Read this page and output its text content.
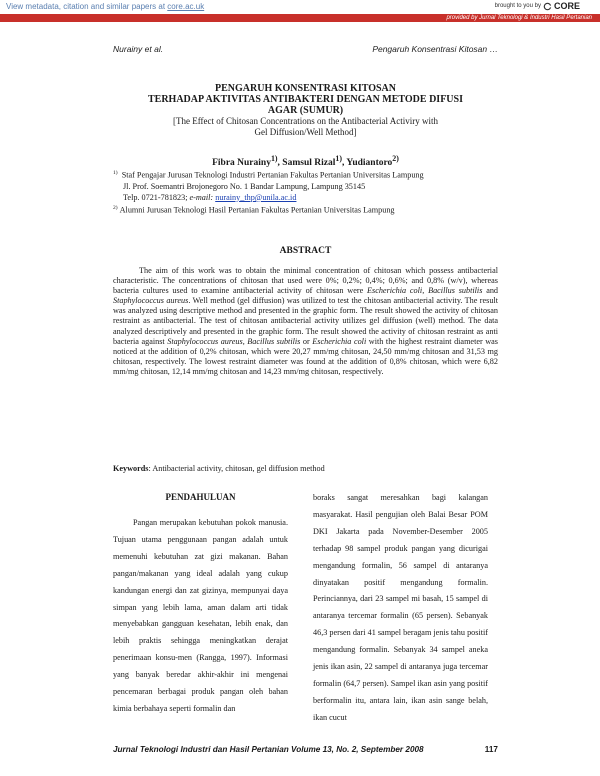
View metadata, citation and similar papers at core.ac.uk	brought to you by CORE
provided by Jurnal Teknologi & Industri Hasil Pertanian
Nurainy et al.	Pengaruh Konsentrasi Kitosan …
PENGARUH KONSENTRASI KITOSAN
TERHADAP AKTIVITAS ANTIBAKTERI DENGAN METODE DIFUSI
AGAR (SUMUR)
[The Effect of Chitosan Concentrations on the Antibacterial Activiry with
Gel Diffusion/Well Method]
Fibra Nurainy$^{1)}$, Samsul Rizal$^{1)}$, Yudiantoro$^{2)}$
$^{1)}$ Staf Pengajar Jurusan Teknologi Industri Pertanian Fakultas Pertanian Universitas Lampung
Jl. Prof. Soemantri Brojonegoro No. 1 Bandar Lampung, Lampung 35145
Telp. 0721-781823; e-mail: nurainy_thp@unila.ac.id
$^{2)}$ Alumni Jurusan Teknologi Hasil Pertanian Fakultas Pertanian Universitas Lampung
ABSTRACT
The aim of this work was to obtain the minimal concentration of chitosan which possess antibacterial characteristic. The concentrations of chitosan that used were 0%; 0,2%; 0,4%; 0,6%; and 0,8% (w/v), whereas bacteria cultures used to examine antibacterial activity of chitosan were Escherichia coli, Bacillus subtilis and Staphylococcus aureus. Well method (gel diffusion) was utilized to test the chitosan antibacterial activity. The result was analyzed using descriptive method and presented in the graphic form. The result showed the activity of chitosan restraint as antibacterial. The test of chitosan antibacterial activity utilizes gel diffusion (well) method. The data analyzed descriptively and presented in the graphic form. The result showed the activity of chitosan restraint as anti bacteria against Staphylococcus aureus, Bacillus subtilis or Escherichia coli with the highest restraint diameter was noticed at the addition of 0,2% chitosan, which were 20,27 mm/mg chitosan, 24,50 mm/mg chitosan and 31,53 mg chitosan, respectively. The lowest restraint diameter was found at the addition of 0,8% chitosan, which were 6,82 mm/mg chitosan, 12,14 mm/mg chitosan and 14,23 mm/mg chitosan, respectively.
Keywords: Antibacterial activity, chitosan, gel diffusion method
PENDAHULUAN
Pangan merupakan kebutuhan pokok manusia. Tujuan utama penggunaan pangan adalah untuk memenuhi kebutuhan zat gizi makanan. Bahan pangan/makanan yang ideal adalah yang cukup kandungan energi dan zat gizinya, mempunyai daya simpan yang lebih lama, aman dalam arti tidak menyebabkan gangguan kesehatan, lebih enak, dan lebih praktis sehingga meningkatkan derajat penerimaan konsu-men (Rangga, 1997). Informasi yang banyak beredar akhir-akhir ini mengenai pencemaran berbagai produk pangan oleh bahan kimia berbahaya seperti formalin dan
boraks sangat meresahkan bagi kalangan masyarakat. Hasil pengujian oleh Balai Besar POM DKI Jakarta pada November-Desember 2005 terhadap 98 sampel produk pangan yang dicurigai mengandung formalin, 56 sampel di antaranya dinyatakan positif mengandung formalin. Perinciannya, dari 23 sampel mi basah, 15 sampel di antaranya tercemar formalin (65 persen). Sebanyak 46,3 persen dari 41 sampel beragam jenis tahu positif mengandung formalin. Sebanyak 34 sampel aneka jenis ikan asin, 22 sampel di antaranya juga tercemar formalin (64,7 persen). Sampel ikan asin yang positif berformalin itu, antara lain, ikan asin sange belah, ikan cucut
Jurnal Teknologi Industri dan Hasil Pertanian Volume 13, No. 2, September 2008	117
